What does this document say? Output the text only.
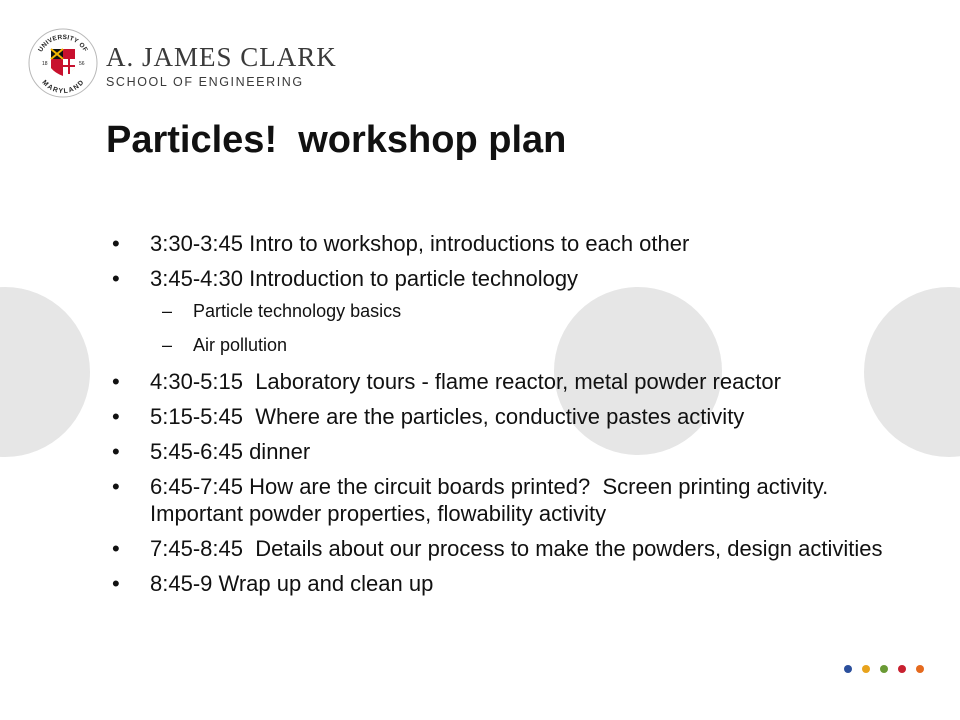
UNIVERSITY OF
MARYLAND
18	56 A. JAMES CLARK
SCHOOL OF ENGINEERING
Particles!  workshop plan
• 3:30-3:45 Intro to workshop, introductions to each other
• 3:45-4:30 Introduction to particle technology
– Particle technology basics
– Air pollution
• 4:30-5:15  Laboratory tours - flame reactor, metal powder reactor
• 5:15-5:45  Where are the particles, conductive pastes activity
• 5:45-6:45 dinner
• 6:45-7:45 How are the circuit boards printed?  Screen printing activity.  Important powder properties, flowability activity
• 7:45-8:45  Details about our process to make the powders, design activities
• 8:45-9 Wrap up and clean up
